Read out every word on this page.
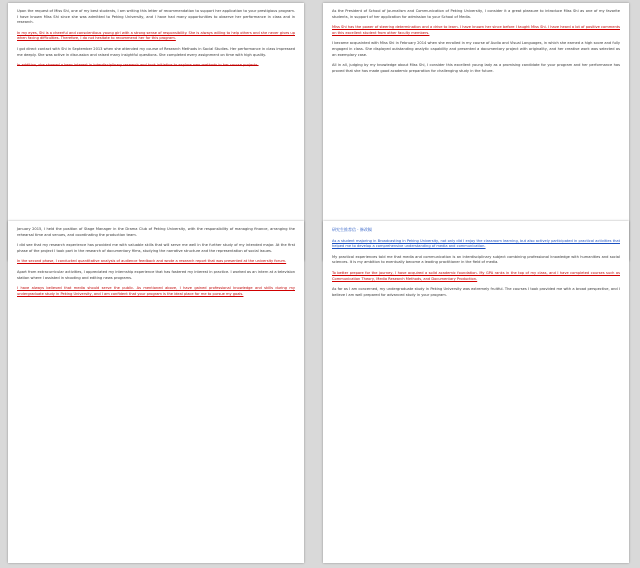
Upon the request of Miss Shi, one of my best students, I am writing this letter of recommendation to support her application to your prestigious program. I have known Miss Shi since she was admitted to Peking University, and I have had many opportunities to observe her performance in class and in research.

In my eyes, Shi is a cheerful and conscientious young girl with a strong sense of responsibility. She is always willing to help others and she never gives up when facing difficulties. Therefore, I do not hesitate to recommend her for this program.

I got direct contact with Shi in September 2013 when she attended my course of Research Methods in Social Studies. Her performance in class impressed me deeply. She was active in discussion and raised many insightful questions. She completed every assignment on time with high quality.

In addition, she showed a keen interest in interdisciplinary research and took initiative to explore new methods in her course projects.

As the President of School of Journalism and Communication of Peking University, I consider it a great pleasure to introduce Miss Shi as one of my favorite students, in support of her application for admission to your School of Media.

Miss Shi has the power of steering determination and a drive to learn. I have known her since before I taught Miss Shi. I have heard a lot of positive comments on this excellent student from other faculty members.

I became acquainted with Miss Shi in February 2014 when she enrolled in my course of Audio and Visual Languages, in which she earned a high score and fully engaged in class. She displayed outstanding analytic capability and presented a documentary project with originality, and her creative work was selected as an exemplary case.

All in all, judging by my knowledge about Miss Shi, I consider this excellent young lady as a promising candidate for your program and her performance has proved that she has made good academic preparation for challenging study in the future.

January 2015, I held the position of Stage Manager in the Drama Club of Peking University, with the responsibility of managing finance, arranging the rehearsal time and venues, and coordinating the production team.

I did see that my research experience has provided me with valuable skills that will serve me well in the further study of my intended major. At the first phase of the project I took part in the research of documentary films, studying the narrative structure and the representation of social issues.

In the second phase, I conducted quantitative analysis of audience feedback and wrote a research report that was presented at the university forum.

Apart from extracurricular activities, I appreciated my internship experience that has fostered my interest in practice. I worked as an intern at a television station where I assisted in shooting and editing news programs.

I have always believed that media should serve the public. As mentioned above, I have gained professional knowledge and skills during my undergraduate study in Peking University, and I am confident that your program is the ideal place for me to pursue my goals.

研究生推荐信 · 修改稿

As a student majoring in Broadcasting in Peking University, not only did I enjoy the classroom learning, but also actively participated in practical activities that helped me to develop a comprehensive understanding of media and communication.

My practical experiences told me that media and communication is an interdisciplinary subject combining professional knowledge with humanities and social sciences. It is my ambition to eventually become a leading practitioner in the field of media.

To better prepare for the journey, I have acquired a solid academic foundation. My GPA ranks in the top of my class, and I have completed courses such as Communication Theory, Media Research Methods, and Documentary Production.

As far as I am concerned, my undergraduate study in Peking University was extremely fruitful. The courses I took provided me with a broad perspective, and I believe I am well prepared for advanced study in your program.
